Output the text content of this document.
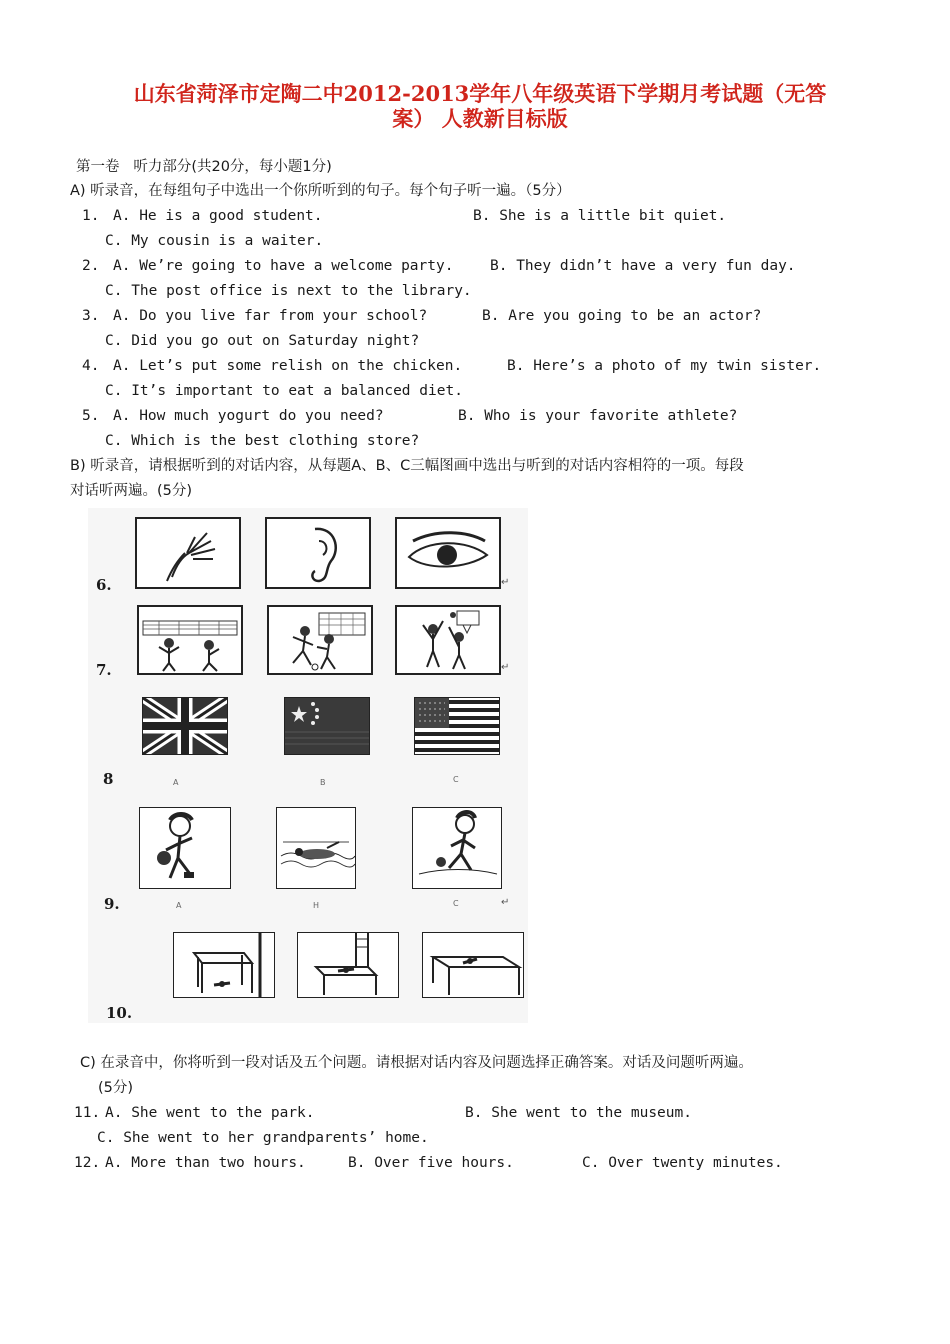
山东省菏泽市定陶二中2012-2013学年八年级英语下学期月考试题（无答
案） 人教新目标版
第一卷   听力部分(共20分，每小题1分)
A) 听录音，在每组句子中选出一个你所听到的句子。每个句子听一遍。（5分）
1. A. He is a good student.	B. She is a little bit quiet.
C. My cousin is a waiter.
2. A. We’re going to have a welcome party.	B. They didn’t have a very fun day.
C. The post office is next to the library.
3. A. Do you live far from your school?	B. Are you going to be an actor?
C. Did you go out on Saturday night?
4. A. Let’s put some relish on the chicken.	B. Here’s a photo of my twin sister.
C. It’s important to eat a balanced diet.
5. A. How much yogurt do you need?	B. Who is your favorite athlete?
C. Which is the best clothing store?
B) 听录音，请根据听到的对话内容，从每题A、B、C三幅图画中选出与听到的对话内容相符的一项。每段
对话听两遍。(5分)
6.	↵
7.	↵
8	A	B	C
9.	A	H	C	↵
10.
C) 在录音中，你将听到一段对话及五个问题。请根据对话内容及问题选择正确答案。对话及问题听两遍。
(5分)
11. A. She went to the park.	B. She went to the museum.
C. She went to her grandparents’ home.
12. A. More than two hours.	B. Over five hours.	C. Over twenty minutes.
